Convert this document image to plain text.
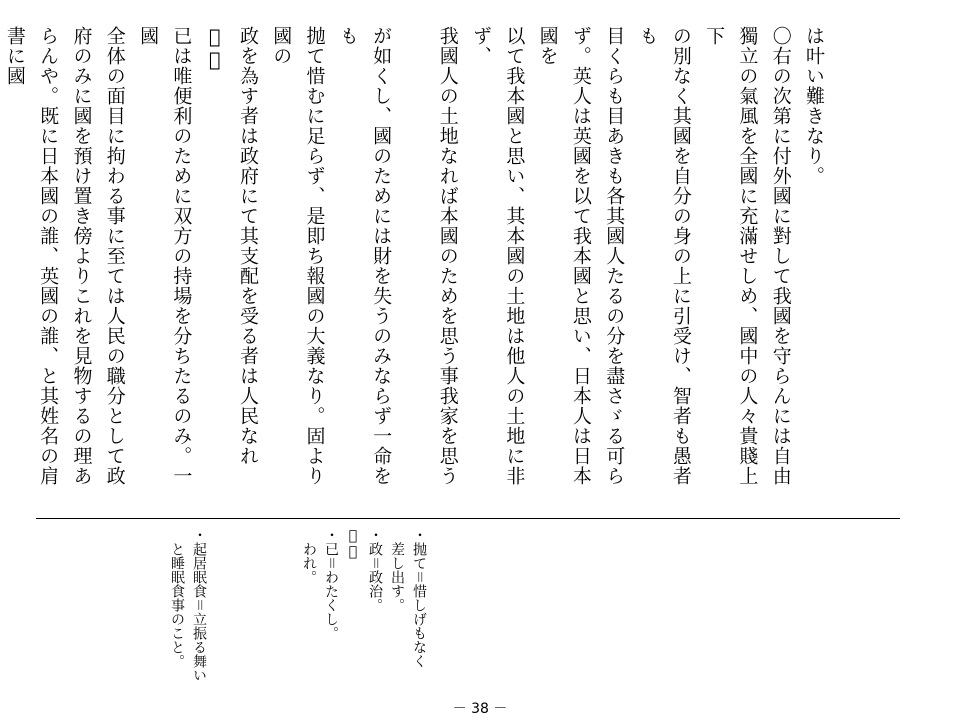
は叶い難きなり。

〇右の次第に付外國に對して我國を守らんには自由

獨立の氣風を全國に充滿せしめ、國中の人々貴賤上下

の別なく其國を自分の身の上に引受け、智者も愚者も

目くらも目あきも各其國人たるの分を盡さゞる可ら

ず。英人は英國を以て我本國と思い、日本人は日本國を

以て我本國と思い、其本國の土地は他人の土地に非ず、

我國人の土地なれば本國のためを思う事我家を思う

が如くし、國のためには財を失うのみならず一命をも

抛て惜むに足らず、是即ち報國の大義なり。固より國の

政を為す者は政府にて其支配を受る者は人民なれ𪜈、

已は唯便利のために双方の持場を分ちたるのみ。一國

全体の面目に拘わる事に至ては人民の職分として政

府のみに國を預け置き傍よりこれを見物するの理あ

らんや。既に日本國の誰、英國の誰、と其姓名の肩書に國

・抛て＝惜しげもなく

　差し出す。

・政＝政治。

・𪜈

・已＝わたくし。

　われ。

・起居眠食＝立振る舞い

　と睡眠食事のこと。

－ 38 －
